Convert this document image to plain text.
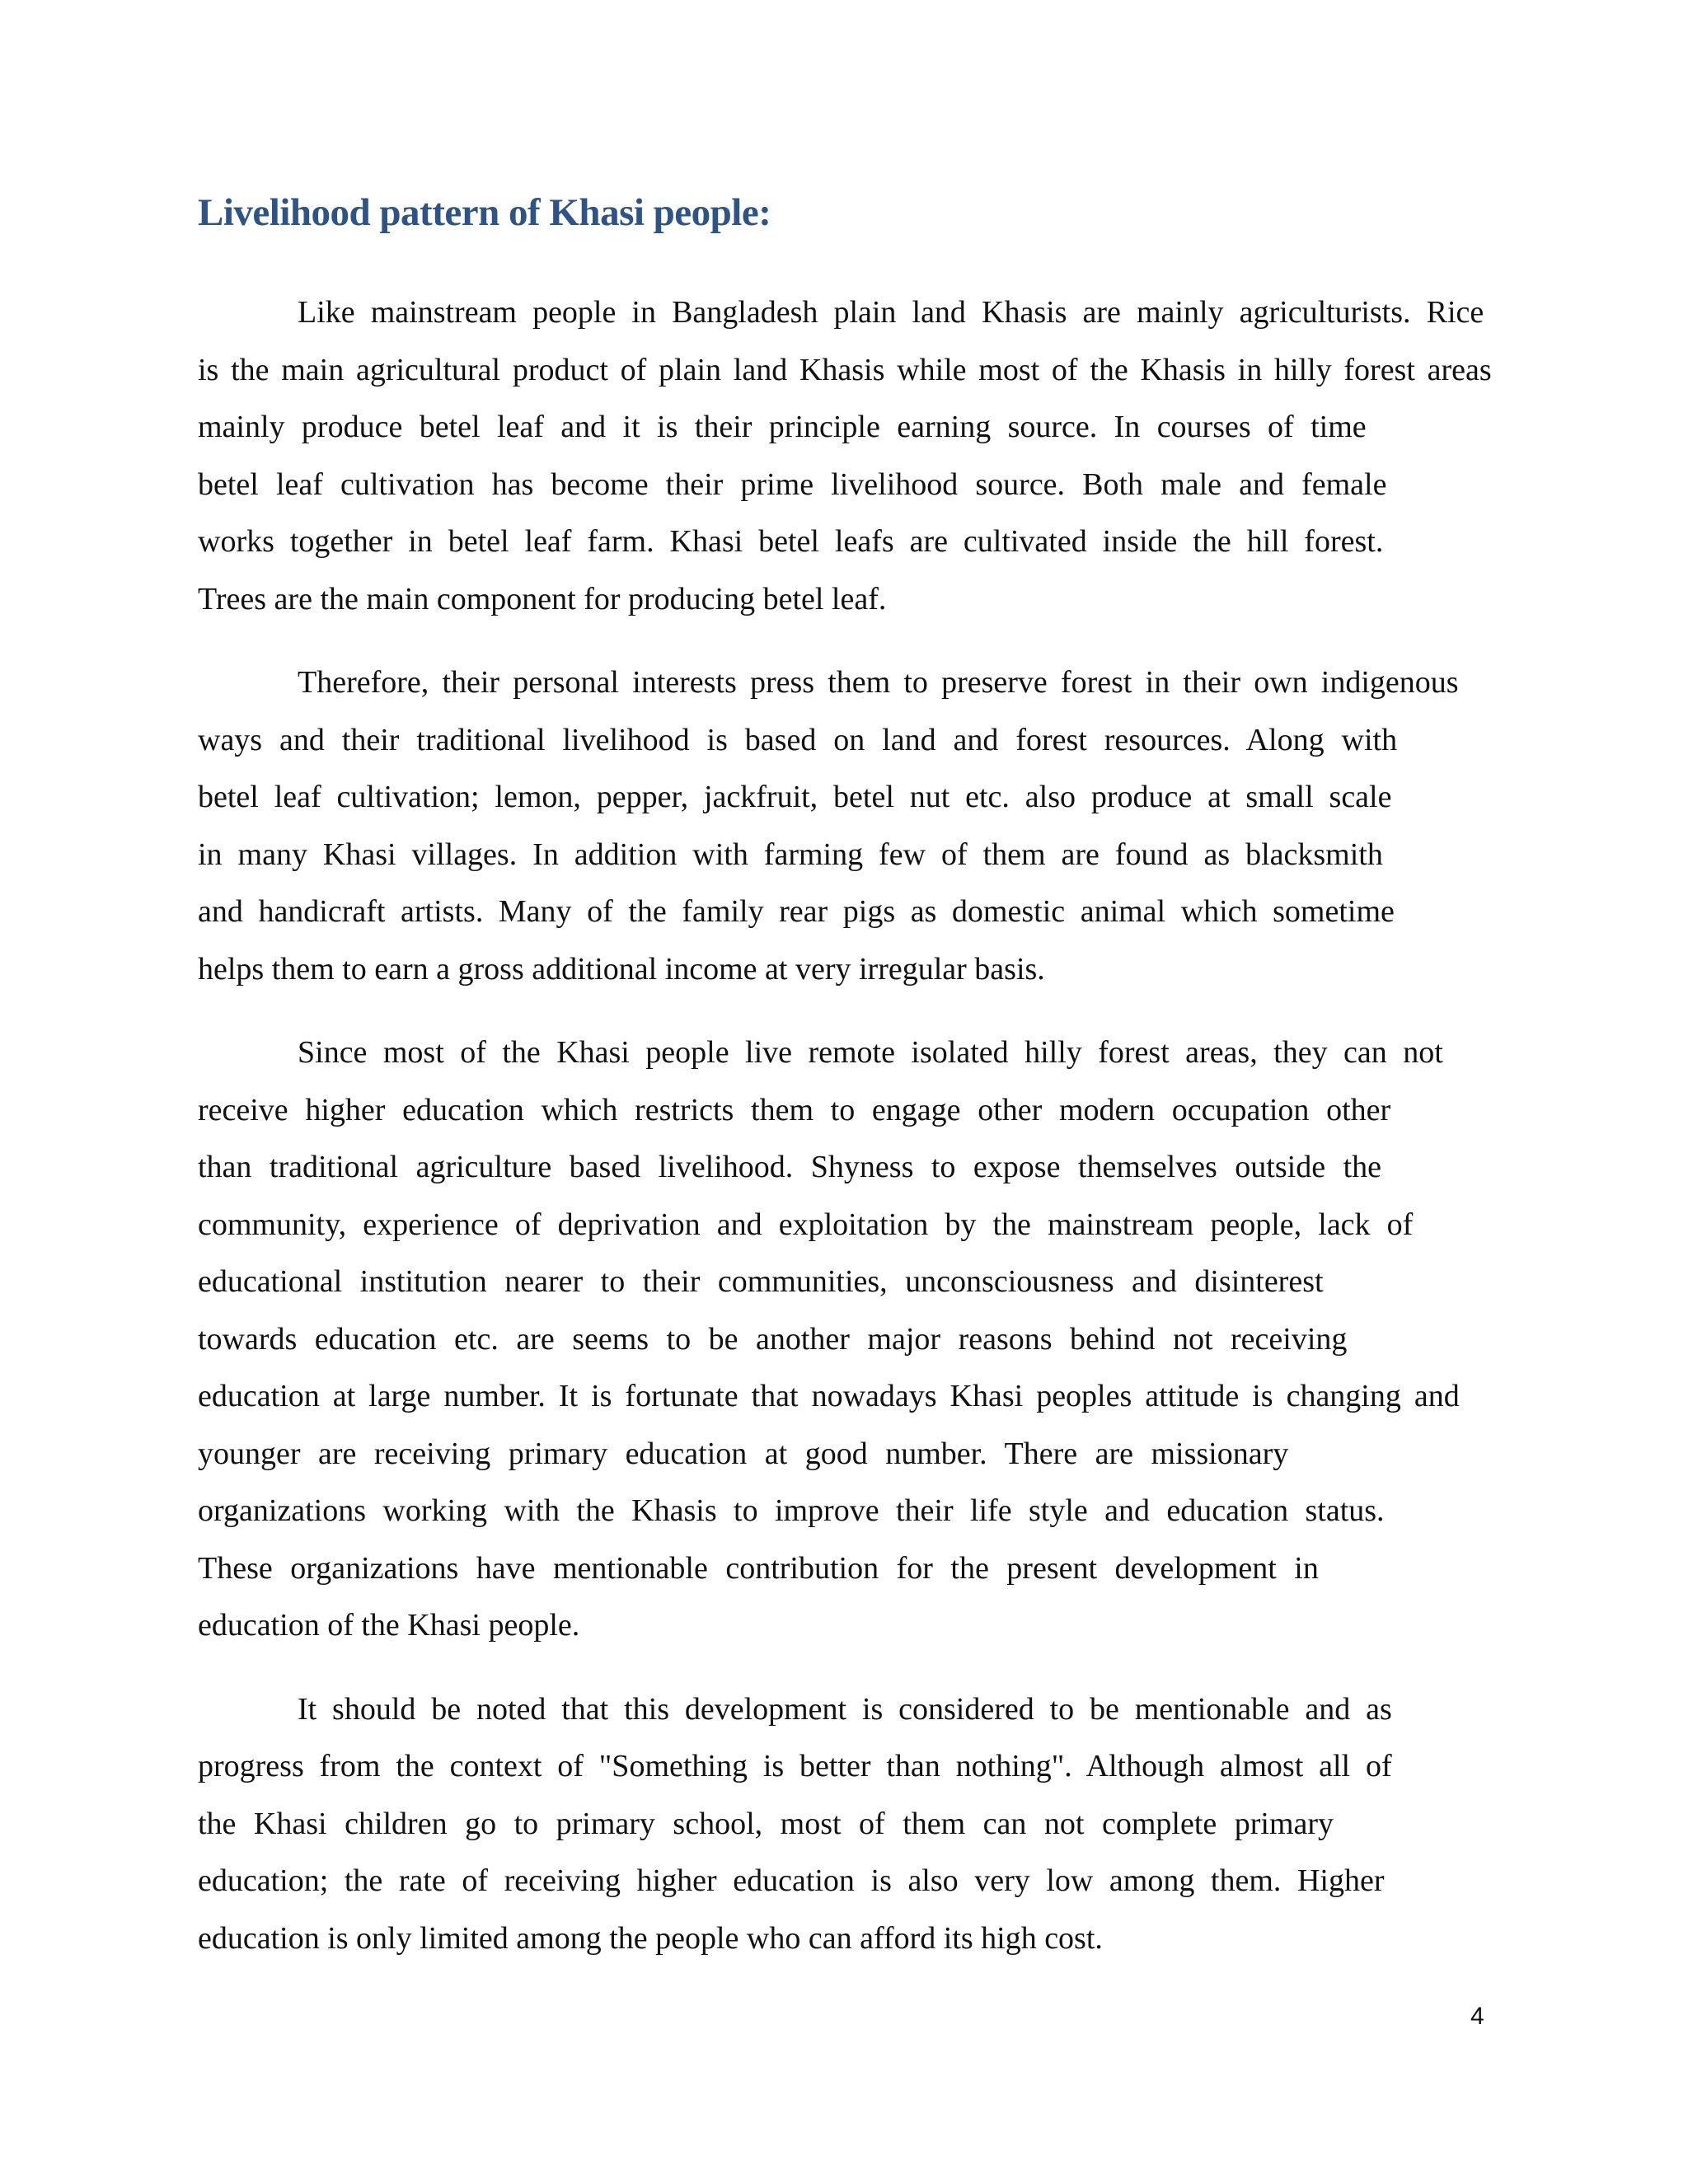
Livelihood pattern of Khasi people:

Like mainstream people in Bangladesh plain land Khasis are mainly agriculturists. Rice
is the main agricultural product of plain land Khasis while most of the Khasis in hilly forest areas
mainly produce betel leaf and it is their principle earning source. In courses of time
betel leaf cultivation has become their prime livelihood source. Both male and female
works together in betel leaf farm. Khasi betel leafs are cultivated inside the hill forest.
Trees are the main component for producing betel leaf.

Therefore, their personal interests press them to preserve forest in their own indigenous
ways and their traditional livelihood is based on land and forest resources. Along with
betel leaf cultivation; lemon, pepper, jackfruit, betel nut etc. also produce at small scale
in many Khasi villages. In addition with farming few of them are found as blacksmith
and handicraft artists. Many of the family rear pigs as domestic animal which sometime
helps them to earn a gross additional income at very irregular basis.

Since most of the Khasi people live remote isolated hilly forest areas, they can not
receive higher education which restricts them to engage other modern occupation other
than traditional agriculture based livelihood. Shyness to expose themselves outside the
community, experience of deprivation and exploitation by the mainstream people, lack of
educational institution nearer to their communities, unconsciousness and disinterest
towards education etc. are seems to be another major reasons behind not receiving
education at large number. It is fortunate that nowadays Khasi peoples attitude is changing and
younger are receiving primary education at good number. There are missionary
organizations working with the Khasis to improve their life style and education status.
These organizations have mentionable contribution for the present development in
education of the Khasi people.

It should be noted that this development is considered to be mentionable and as
progress from the context of "Something is better than nothing". Although almost all of
the Khasi children go to primary school, most of them can not complete primary
education; the rate of receiving higher education is also very low among them. Higher
education is only limited among the people who can afford its high cost.

4
